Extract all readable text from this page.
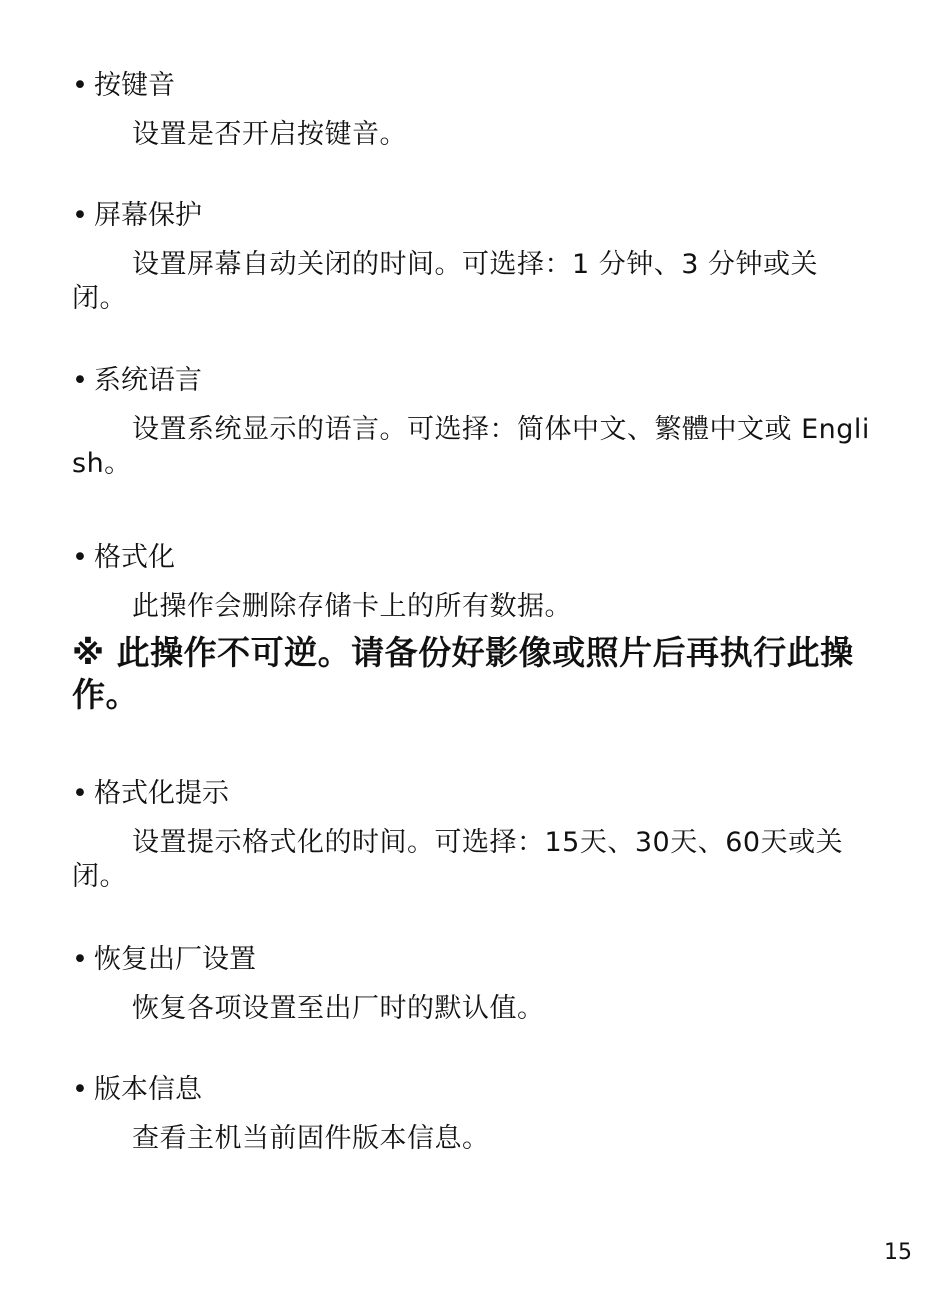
• 按键音
设置是否开启按键音。
• 屏幕保护
设置屏幕自动关闭的时间。可选择：1 分钟、3 分钟或关闭。
• 系统语言
设置系统显示的语言。可选择：简体中文、繁體中文或 English。
• 格式化
此操作会删除存储卡上的所有数据。
※ 此操作不可逆。请备份好影像或照片后再执行此操作。
• 格式化提示
设置提示格式化的时间。可选择：15天、30天、60天或关闭。
• 恢复出厂设置
恢复各项设置至出厂时的默认值。
• 版本信息
查看主机当前固件版本信息。
15
